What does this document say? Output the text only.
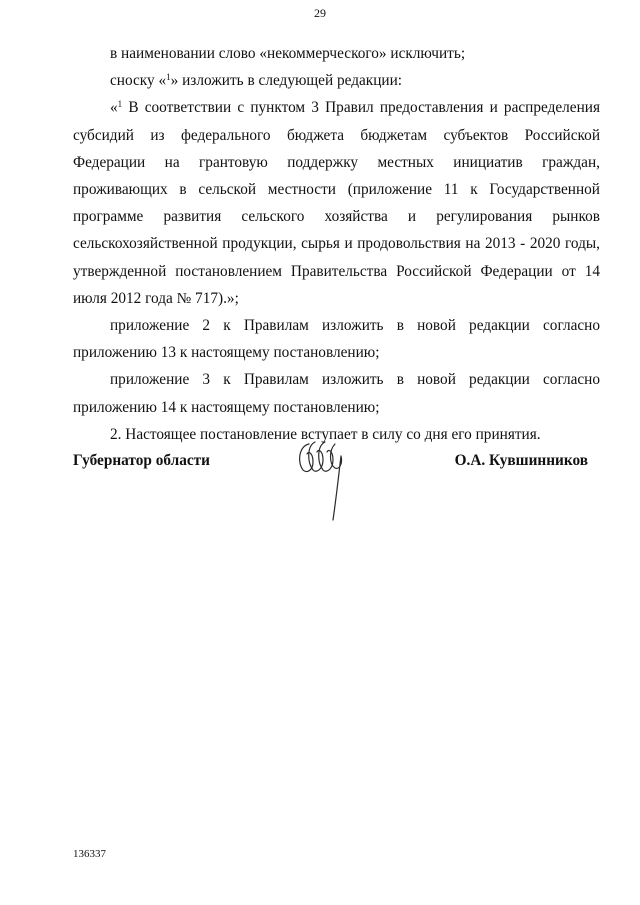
29

в наименовании слово «некоммерческого» исключить;

сноску «$^1$» изложить в следующей редакции:

«$^1$ В соответствии с пунктом 3 Правил предоставления и распределения субсидий из федерального бюджета бюджетам субъектов Российской Федерации на грантовую поддержку местных инициатив граждан, проживающих в сельской местности (приложение 11 к Государственной программе развития сельского хозяйства и регулирования рынков сельскохозяйственной продукции, сырья и продовольствия на 2013 - 2020 годы, утвержденной постановлением Правительства Российской Федерации от 14 июля 2012 года № 717).»;

приложение 2 к Правилам изложить в новой редакции согласно приложению 13 к настоящему постановлению;

приложение 3 к Правилам изложить в новой редакции согласно приложению 14 к настоящему постановлению;

2. Настоящее постановление вступает в силу со дня его принятия.

Губернатор области	О.А. Кувшинников
136337
